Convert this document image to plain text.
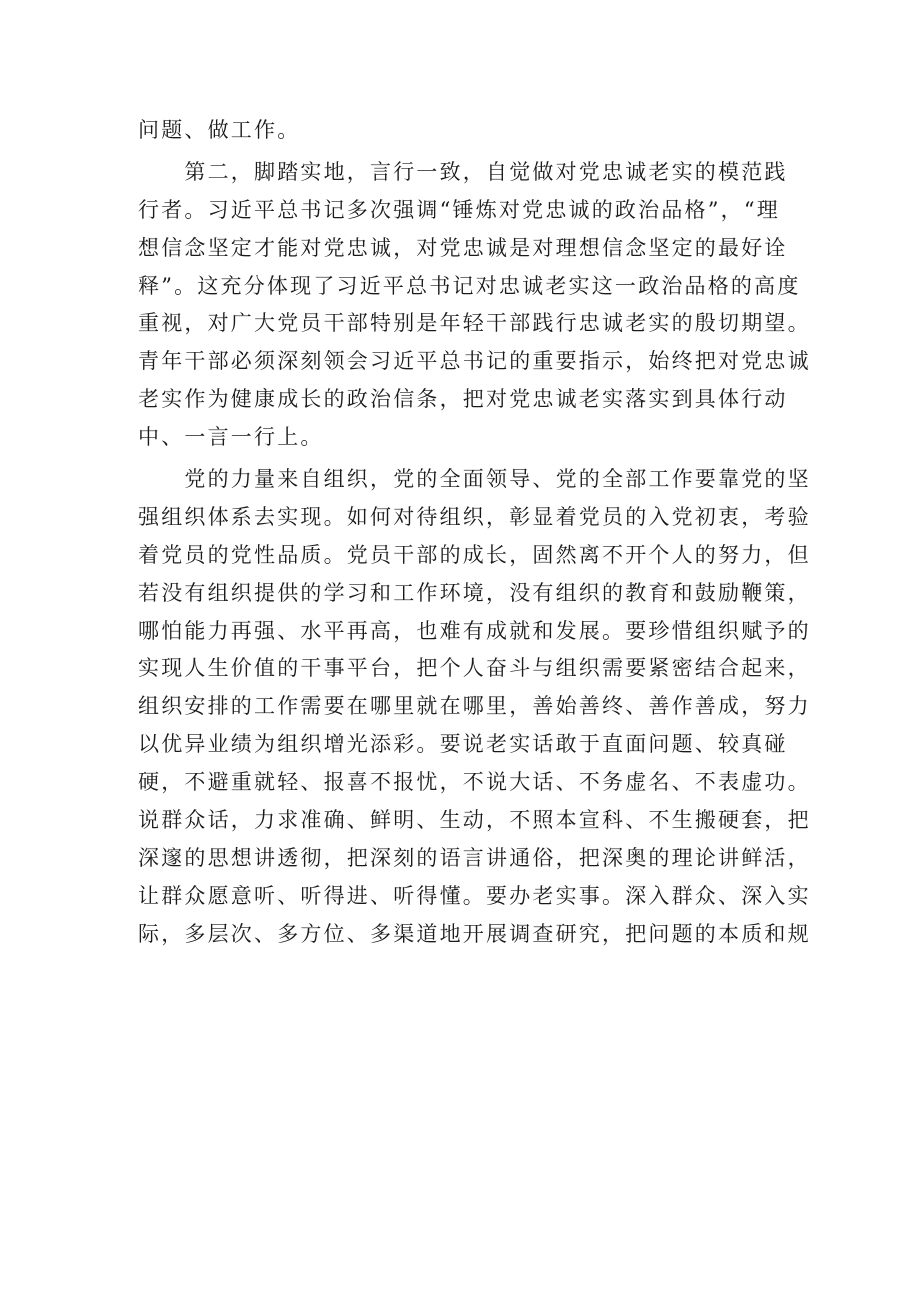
问题、做工作。
　　第二，脚踏实地，言行一致，自觉做对党忠诚老实的模范践
行者。习近平总书记多次强调“锤炼对党忠诚的政治品格”，“理
想信念坚定才能对党忠诚，对党忠诚是对理想信念坚定的最好诠
释”。这充分体现了习近平总书记对忠诚老实这一政治品格的高度
重视，对广大党员干部特别是年轻干部践行忠诚老实的殷切期望。
青年干部必须深刻领会习近平总书记的重要指示，始终把对党忠诚
老实作为健康成长的政治信条，把对党忠诚老实落实到具体行动
中、一言一行上。
　　党的力量来自组织，党的全面领导、党的全部工作要靠党的坚
强组织体系去实现。如何对待组织，彰显着党员的入党初衷，考验
着党员的党性品质。党员干部的成长，固然离不开个人的努力，但
若没有组织提供的学习和工作环境，没有组织的教育和鼓励鞭策，
哪怕能力再强、水平再高，也难有成就和发展。要珍惜组织赋予的
实现人生价值的干事平台，把个人奋斗与组织需要紧密结合起来，
组织安排的工作需要在哪里就在哪里，善始善终、善作善成，努力
以优异业绩为组织增光添彩。要说老实话敢于直面问题、较真碰
硬，不避重就轻、报喜不报忧，不说大话、不务虚名、不表虚功。
说群众话，力求准确、鲜明、生动，不照本宣科、不生搬硬套，把
深邃的思想讲透彻，把深刻的语言讲通俗，把深奥的理论讲鲜活，
让群众愿意听、听得进、听得懂。要办老实事。深入群众、深入实
际，多层次、多方位、多渠道地开展调查研究，把问题的本质和规
